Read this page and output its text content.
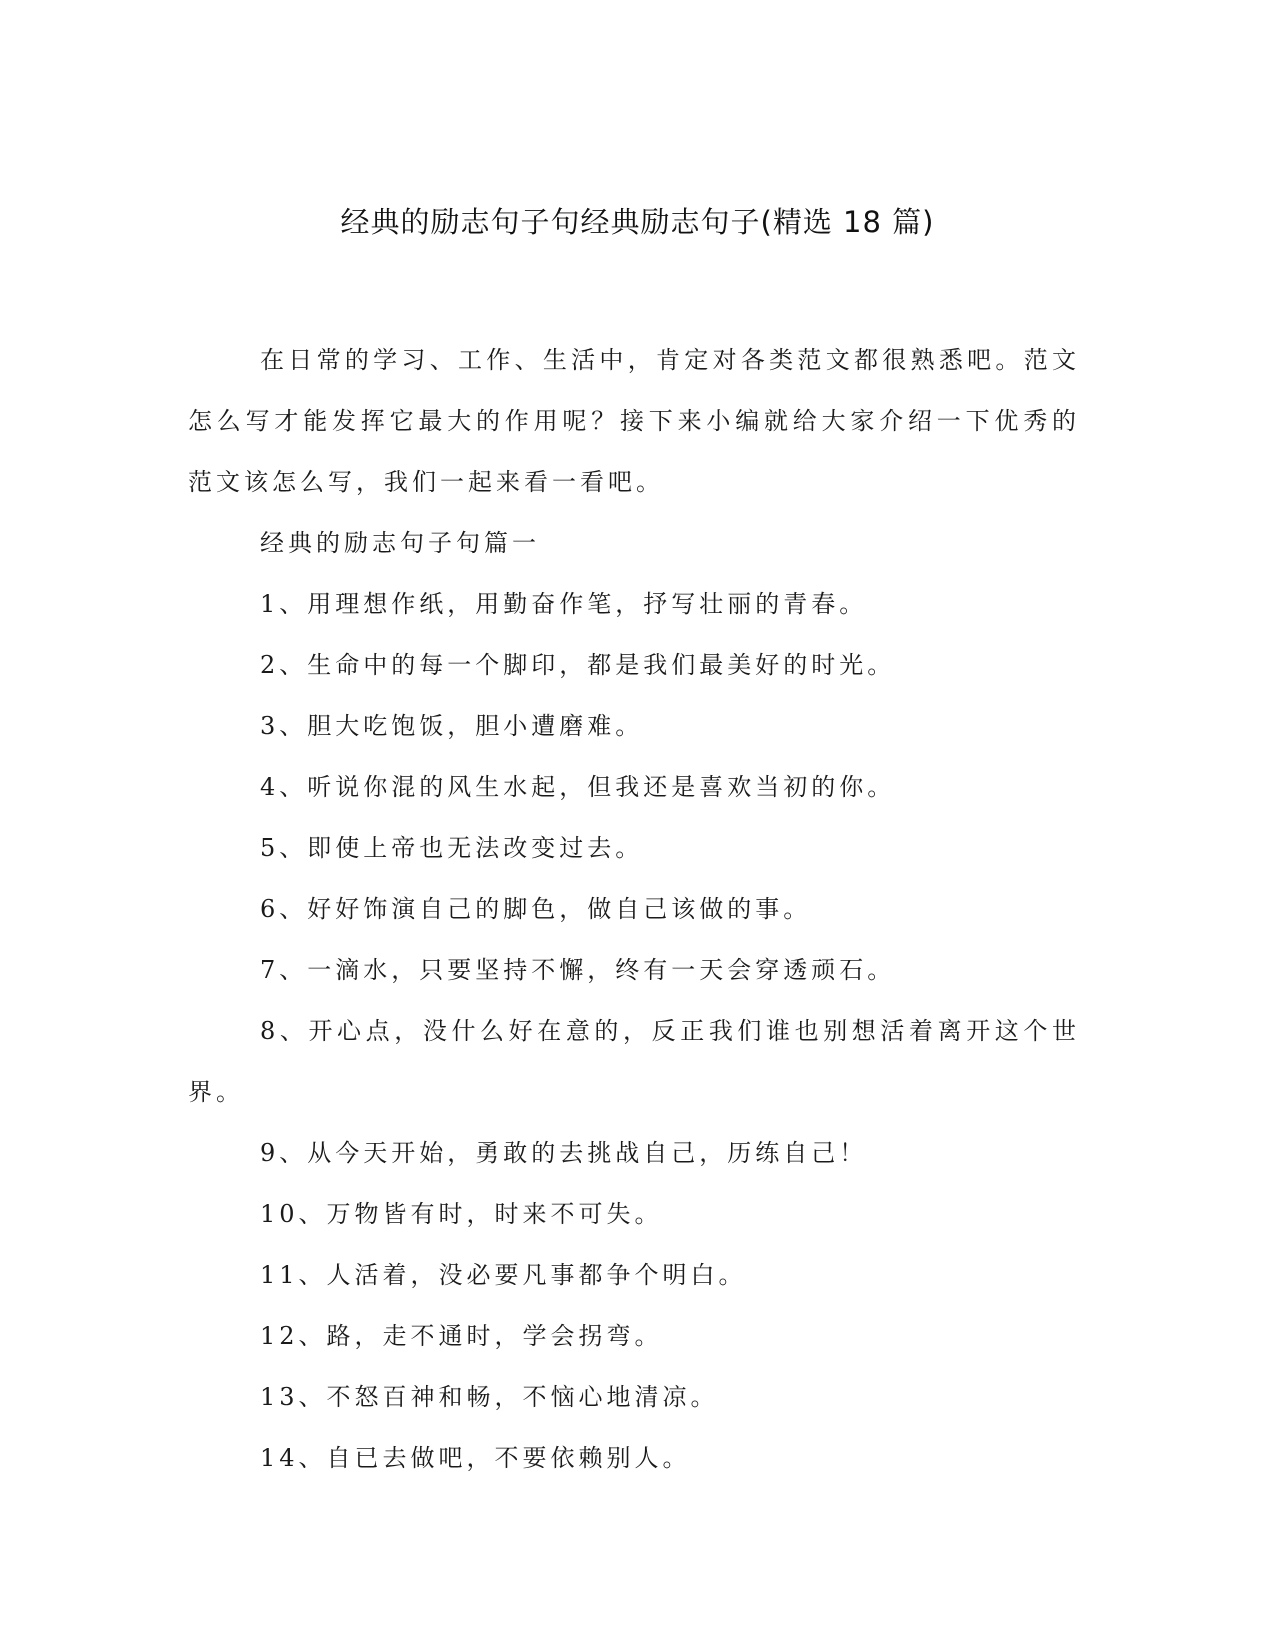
经典的励志句子句经典励志句子(精选 18 篇)

在日常的学习、工作、生活中，肯定对各类范文都很熟悉吧。范文怎么写才能发挥它最大的作用呢？接下来小编就给大家介绍一下优秀的范文该怎么写，我们一起来看一看吧。

经典的励志句子句篇一

1、用理想作纸，用勤奋作笔，抒写壮丽的青春。

2、生命中的每一个脚印，都是我们最美好的时光。

3、胆大吃饱饭，胆小遭磨难。

4、听说你混的风生水起，但我还是喜欢当初的你。

5、即使上帝也无法改变过去。

6、好好饰演自己的脚色，做自己该做的事。

7、一滴水，只要坚持不懈，终有一天会穿透顽石。

8、开心点，没什么好在意的，反正我们谁也别想活着离开这个世界。

9、从今天开始，勇敢的去挑战自己，历练自己！

10、万物皆有时，时来不可失。

11、人活着，没必要凡事都争个明白。

12、路，走不通时，学会拐弯。

13、不怒百神和畅，不恼心地清凉。

14、自已去做吧，不要依赖别人。
